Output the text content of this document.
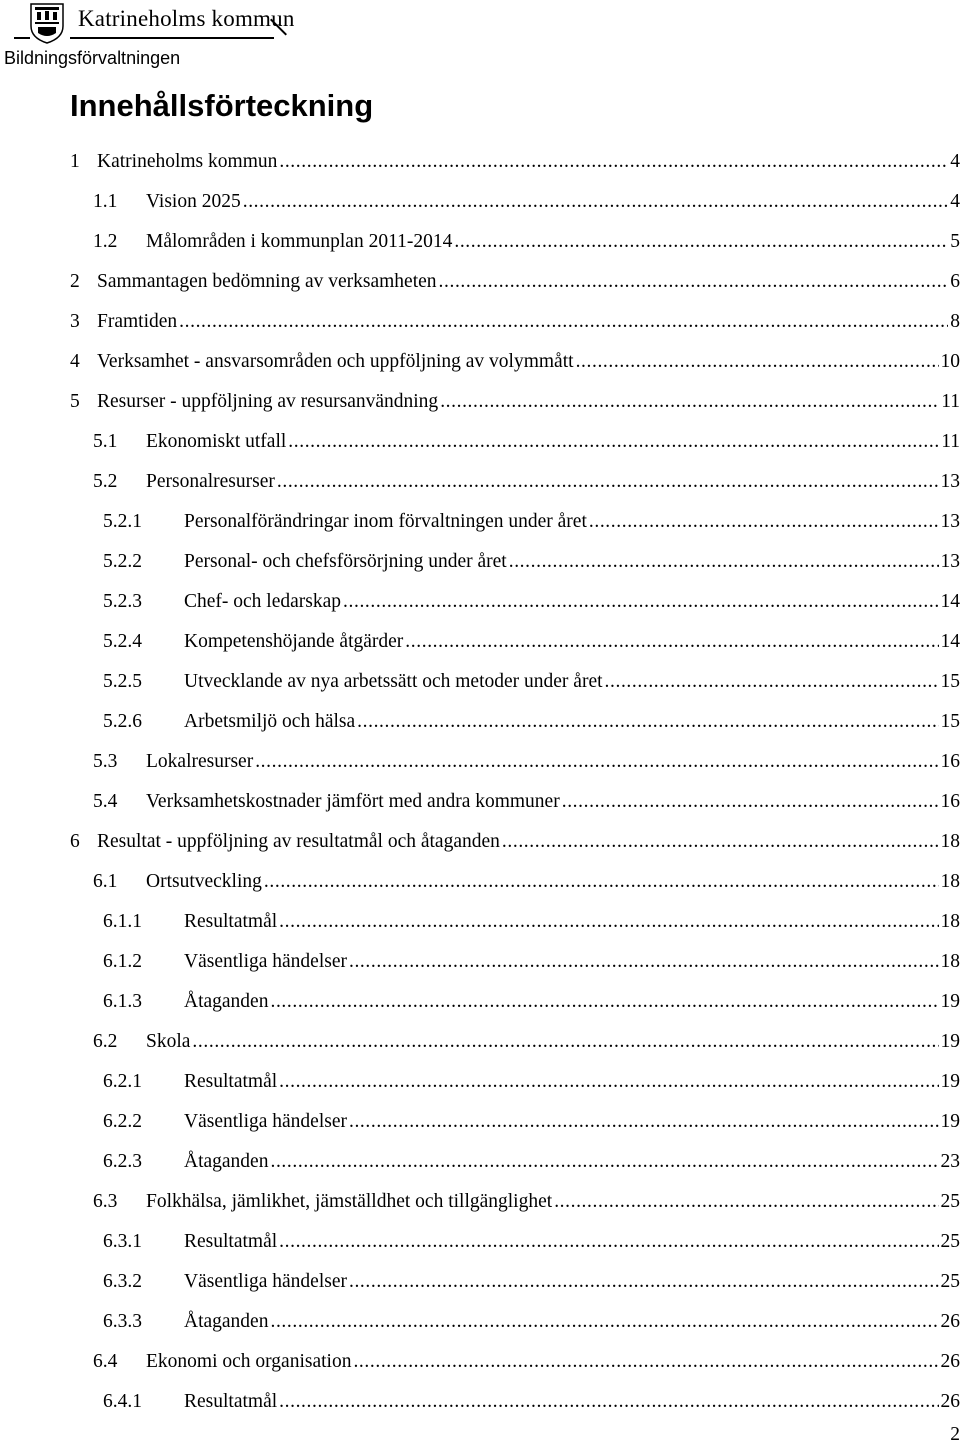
Katrineholms kommun
Bildningsförvaltningen
Innehållsförteckning
1 Katrineholms kommun .....	4
1.1	Vision 2025 .....	4
1.2	Målområden i kommunplan 2011-2014 .....	5
2 Sammantagen bedömning av verksamheten .....	6
3 Framtiden .....	8
4 Verksamhet - ansvarsområden och uppföljning av volymmått .....	10
5 Resurser - uppföljning av resursanvändning .....	11
5.1	Ekonomiskt utfall .....	11
5.2	Personalresurser .....	13
5.2.1	Personalförändringar inom förvaltningen under året .....	13
5.2.2	Personal- och chefsförsörjning under året .....	13
5.2.3	Chef- och ledarskap .....	14
5.2.4	Kompetenshöjande åtgärder .....	14
5.2.5	Utvecklande av nya arbetssätt och metoder under året .....	15
5.2.6	Arbetsmiljö och hälsa .....	15
5.3	Lokalresurser .....	16
5.4	Verksamhetskostnader jämfört med andra kommuner .....	16
6 Resultat - uppföljning av resultatmål och åtaganden .....	18
6.1	Ortsutveckling .....	18
6.1.1	Resultatmål .....	18
6.1.2	Väsentliga händelser .....	18
6.1.3	Åtaganden .....	19
6.2	Skola .....	19
6.2.1	Resultatmål .....	19
6.2.2	Väsentliga händelser .....	19
6.2.3	Åtaganden .....	23
6.3	Folkhälsa, jämlikhet, jämställdhet och tillgänglighet .....	25
6.3.1	Resultatmål .....	25
6.3.2	Väsentliga händelser .....	25
6.3.3	Åtaganden .....	26
6.4	Ekonomi och organisation .....	26
6.4.1	Resultatmål .....	26
2
